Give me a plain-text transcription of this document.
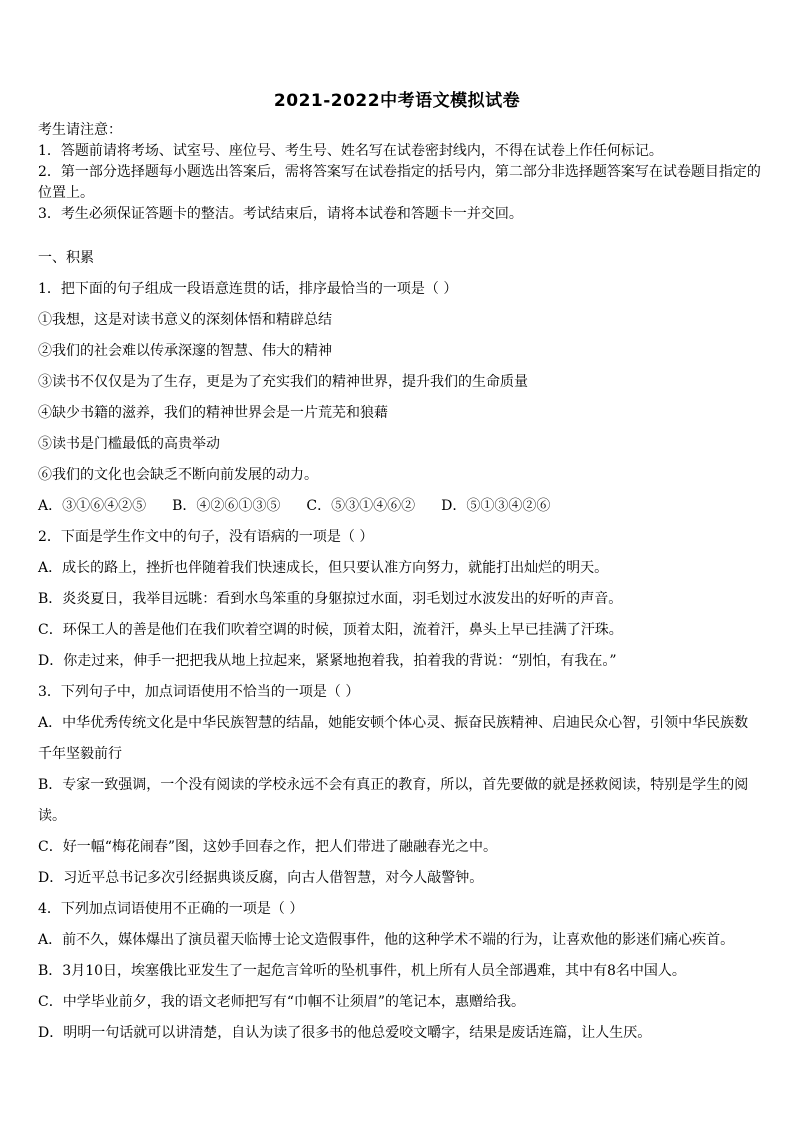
2021-2022中考语文模拟试卷
考生请注意：
1．答题前请将考场、试室号、座位号、考生号、姓名写在试卷密封线内，不得在试卷上作任何标记。
2．第一部分选择题每小题选出答案后，需将答案写在试卷指定的括号内，第二部分非选择题答案写在试卷题目指定的
位置上。
3．考生必须保证答题卡的整洁。考试结束后，请将本试卷和答题卡一并交回。
一、积累
1．把下面的句子组成一段语意连贯的话，排序最恰当的一项是（ ）
①我想，这是对读书意义的深刻体悟和精辟总结
②我们的社会难以传承深邃的智慧、伟大的精神
③读书不仅仅是为了生存，更是为了充实我们的精神世界，提升我们的生命质量
④缺少书籍的滋养，我们的精神世界会是一片荒芜和狼藉
⑤读书是门槛最低的高贵举动
⑥我们的文化也会缺乏不断向前发展的动力。
A．③①⑥④②⑤ B．④②⑥①③⑤ C．⑤③①④⑥② D．⑤①③④②⑥
2．下面是学生作文中的句子，没有语病的一项是（ ）
A．成长的路上，挫折也伴随着我们快速成长，但只要认准方向努力，就能打出灿烂的明天。
B．炎炎夏日，我举目远眺：看到水鸟笨重的身躯掠过水面，羽毛划过水波发出的好听的声音。
C．环保工人的善是他们在我们吹着空调的时候，顶着太阳，流着汗，鼻头上早已挂满了汗珠。
D．你走过来，伸手一把把我从地上拉起来，紧紧地抱着我，拍着我的背说：“别怕，有我在。”
3．下列句子中，加点词语使用不恰当的一项是（ ）
A．中华优秀传统文化是中华民族智慧的结晶，她能安顿个体心灵、振奋民族精神、启迪民众心智，引领中华民族数
千年坚毅前行
B．专家一致强调，一个没有阅读的学校永远不会有真正的教育，所以，首先要做的就是拯救阅读，特别是学生的阅
读。
C．好一幅“梅花闹春”图，这妙手回春之作，把人们带进了融融春光之中。
D．习近平总书记多次引经据典谈反腐，向古人借智慧，对今人敲警钟。
4．下列加点词语使用不正确的一项是（ ）
A．前不久，媒体爆出了演员翟天临博士论文造假事件，他的这种学术不端的行为，让喜欢他的影迷们痛心疾首。
B．3月10日，埃塞俄比亚发生了一起危言耸听的坠机事件，机上所有人员全部遇难，其中有8名中国人。
C．中学毕业前夕，我的语文老师把写有“巾帼不让须眉”的笔记本，惠赠给我。
D．明明一句话就可以讲清楚，自认为读了很多书的他总爱咬文嚼字，结果是废话连篇，让人生厌。
